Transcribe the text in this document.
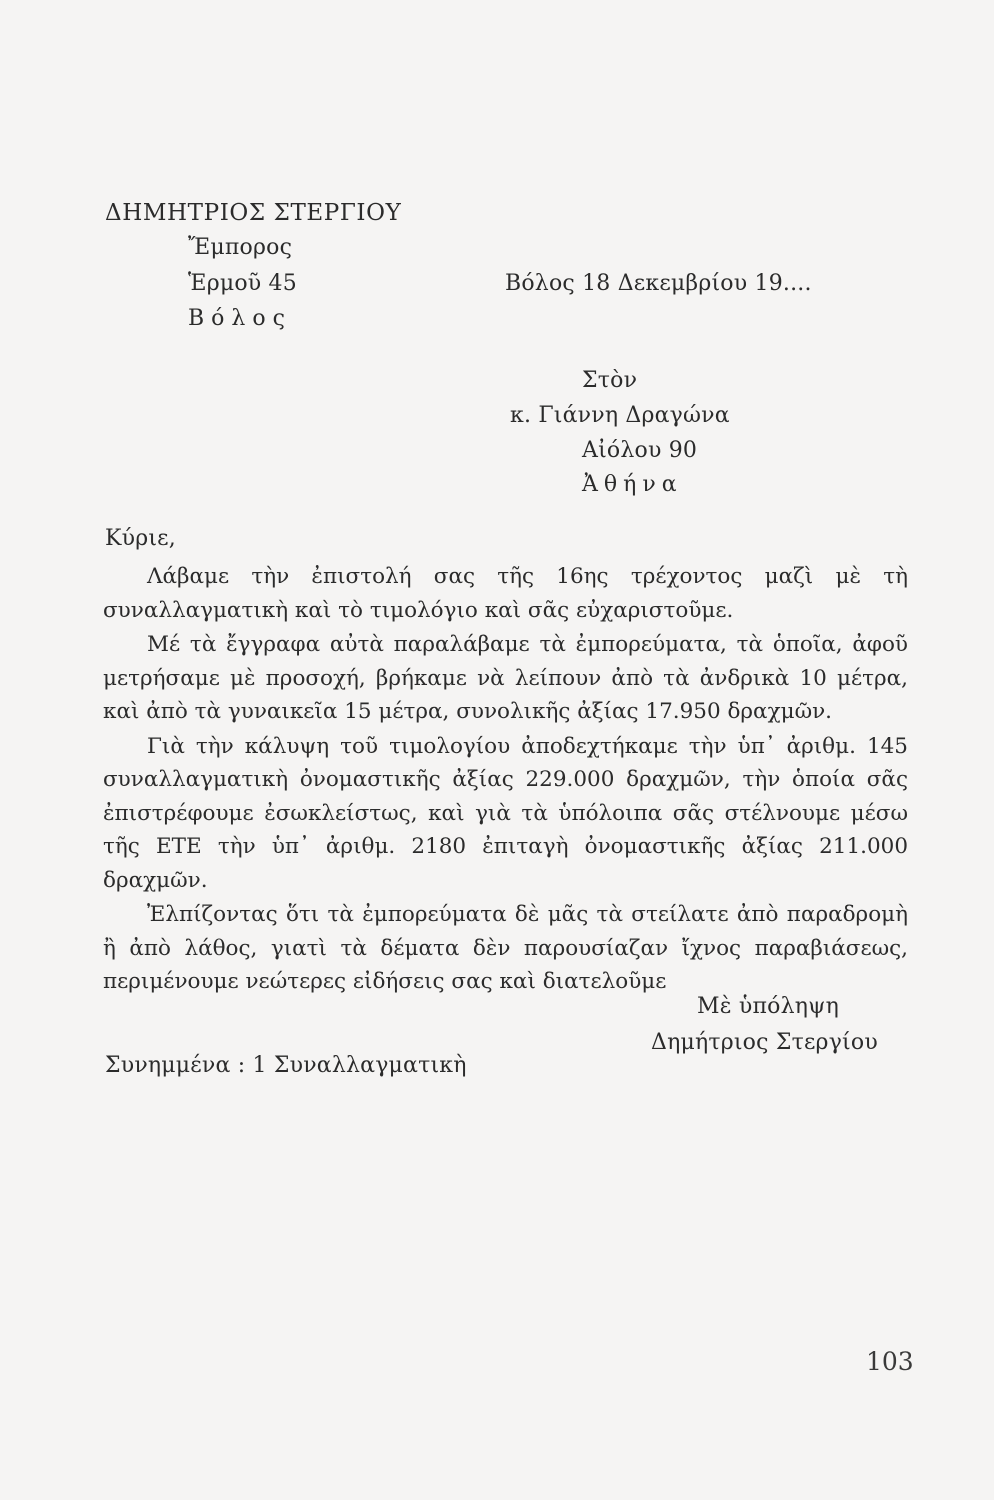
ΔΗΜΗΤΡΙΟΣ ΣΤΕΡΓΙΟΥ
Ἔμπορος
Ἑρμοῦ 45
Βόλος
Βόλος 18 Δεκεμβρίου 19....
Στὸν
κ. Γιάννη Δραγώνα
Αἰόλου 90
Ἀθήνα
Κύριε,

Λάβαμε τὴν ἐπιστολή σας τῆς 16ης τρέχοντος μαζὶ μὲ τὴ συναλλαγματικὴ καὶ τὸ τιμολόγιο καὶ σᾶς εὐχαριστοῦμε.

Μέ τὰ ἔγγραφα αὐτὰ παραλάβαμε τὰ ἐμπορεύματα, τὰ ὁποῖα, ἀφοῦ μετρήσαμε μὲ προσοχή, βρήκαμε νὰ λείπουν ἀπὸ τὰ ἀνδρικὰ 10 μέτρα, καὶ ἀπὸ τὰ γυναικεῖα 15 μέτρα, συνολικῆς ἀξίας 17.950 δραχμῶν.

Γιὰ τὴν κάλυψη τοῦ τιμολογίου ἀποδεχτήκαμε τὴν ὑπ᾽ ἀριθμ. 145 συναλλαγματικὴ ὀνομαστικῆς ἀξίας 229.000 δραχμῶν, τὴν ὁποία σᾶς ἐπιστρέφουμε ἐσωκλείστως, καὶ γιὰ τὰ ὑπόλοιπα σᾶς στέλνουμε μέσω τῆς ΕΤΕ τὴν ὑπ᾽ ἀριθμ. 2180 ἐπιταγὴ ὀνομαστικῆς ἀξίας 211.000 δραχμῶν.

Ἐλπίζοντας ὅτι τὰ ἐμπορεύματα δὲ μᾶς τὰ στείλατε ἀπὸ παραδρομὴ ἢ ἀπὸ λάθος, γιατὶ τὰ δέματα δὲν παρουσίαζαν ἴχνος παραβιάσεως, περιμένουμε νεώτερες εἰδήσεις σας καὶ διατελοῦμε

Μὲ ὑπόληψη
Δημήτριος Στεργίου
Συνημμένα : 1 Συναλλαγματικὴ
103
